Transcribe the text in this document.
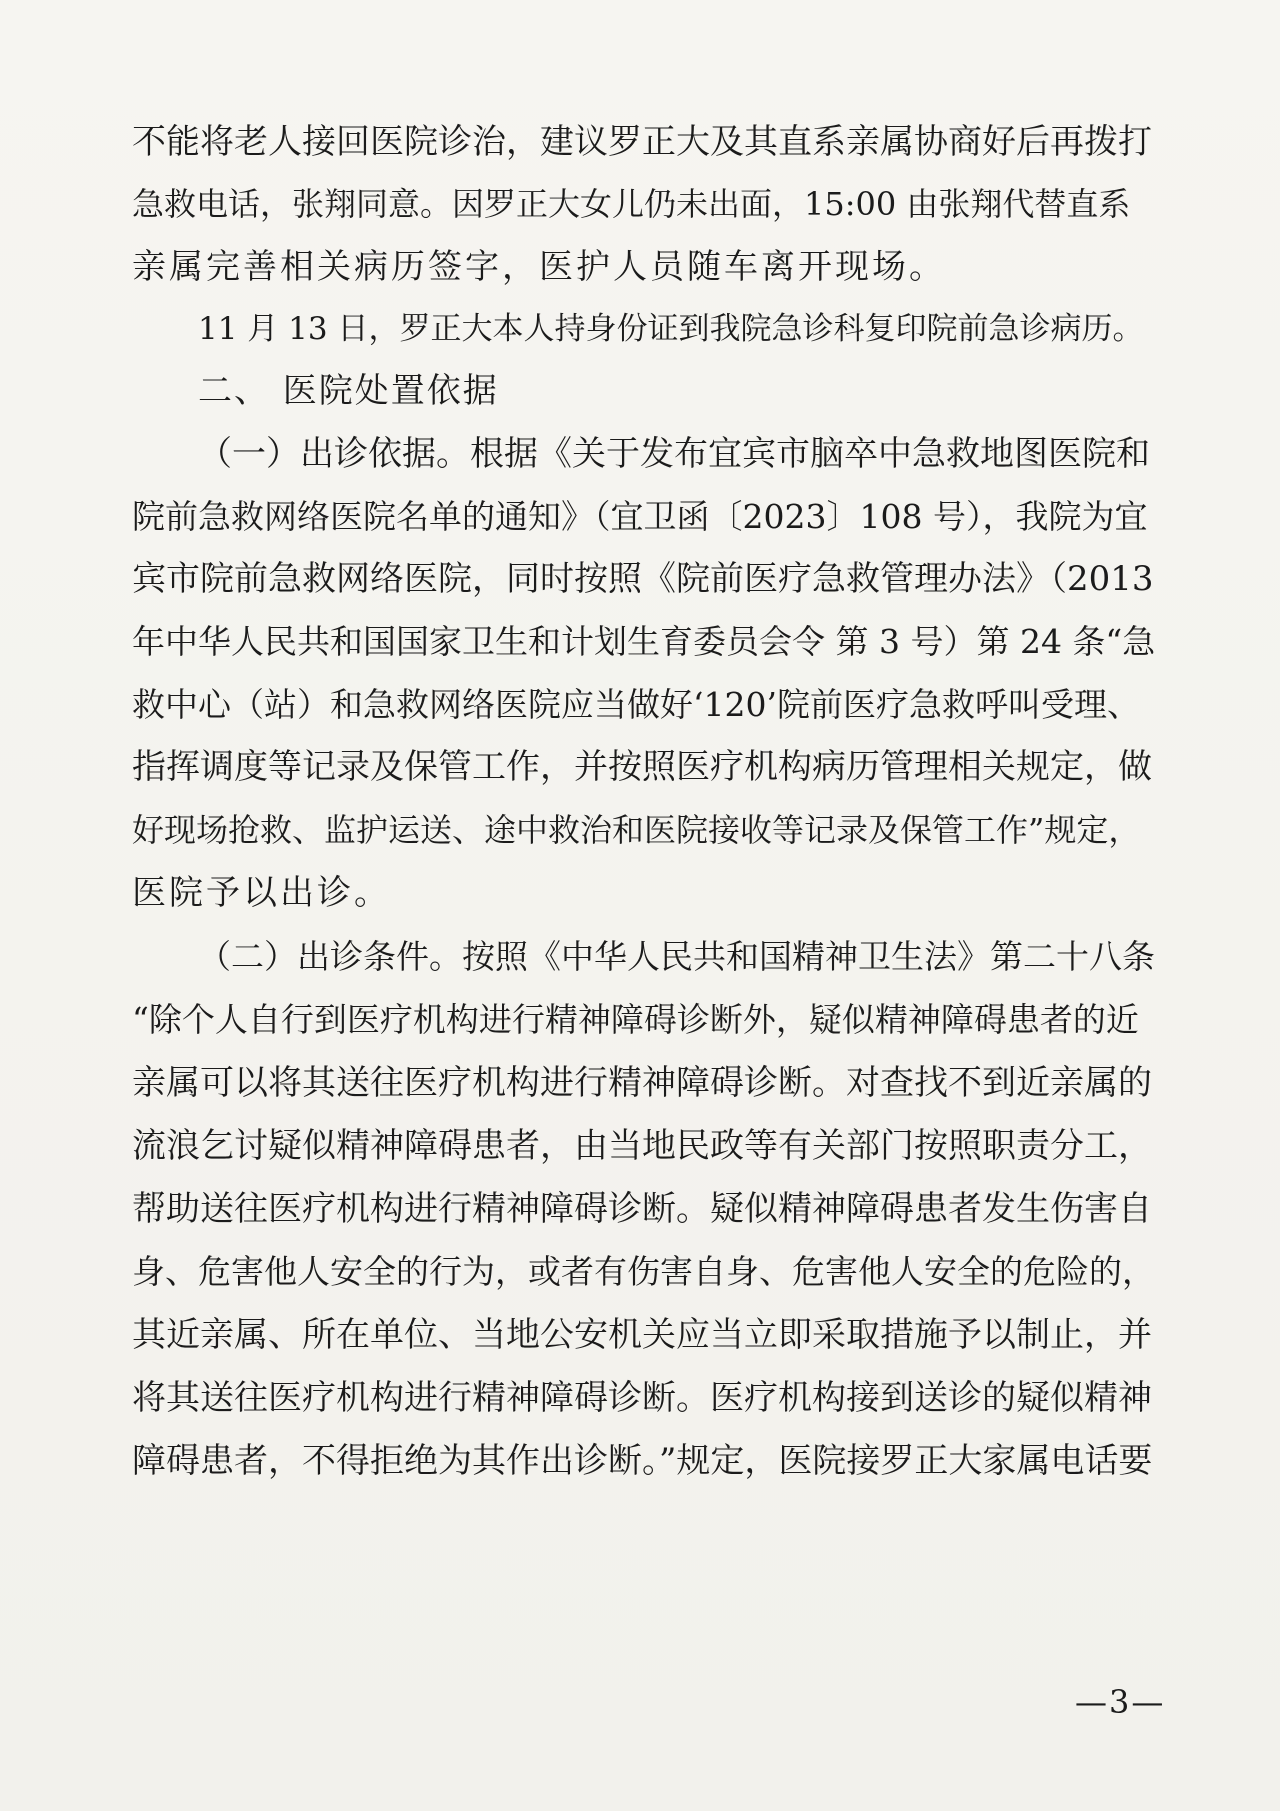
不能将老人接回医院诊治，建议罗正大及其直系亲属协商好后再拨打
急救电话，张翔同意。因罗正大女儿仍未出面，15:00 由张翔代替直系
亲属完善相关病历签字，医护人员随车离开现场。
11 月 13 日，罗正大本人持身份证到我院急诊科复印院前急诊病历。
二、 医院处置依据
（一）出诊依据。根据《关于发布宜宾市脑卒中急救地图医院和
院前急救网络医院名单的通知》（宜卫函〔2023〕108 号），我院为宜
宾市院前急救网络医院，同时按照《院前医疗急救管理办法》（2013
年中华人民共和国国家卫生和计划生育委员会令 第 3 号）第 24 条“急
救中心（站）和急救网络医院应当做好‘120’院前医疗急救呼叫受理、
指挥调度等记录及保管工作，并按照医疗机构病历管理相关规定，做
好现场抢救、监护运送、途中救治和医院接收等记录及保管工作”规定，
医院予以出诊。
（二）出诊条件。按照《中华人民共和国精神卫生法》第二十八条
“除个人自行到医疗机构进行精神障碍诊断外，疑似精神障碍患者的近
亲属可以将其送往医疗机构进行精神障碍诊断。对查找不到近亲属的
流浪乞讨疑似精神障碍患者，由当地民政等有关部门按照职责分工，
帮助送往医疗机构进行精神障碍诊断。疑似精神障碍患者发生伤害自
身、危害他人安全的行为，或者有伤害自身、危害他人安全的危险的，
其近亲属、所在单位、当地公安机关应当立即采取措施予以制止，并
将其送往医疗机构进行精神障碍诊断。医疗机构接到送诊的疑似精神
障碍患者，不得拒绝为其作出诊断。”规定，医院接罗正大家属电话要
—3—
